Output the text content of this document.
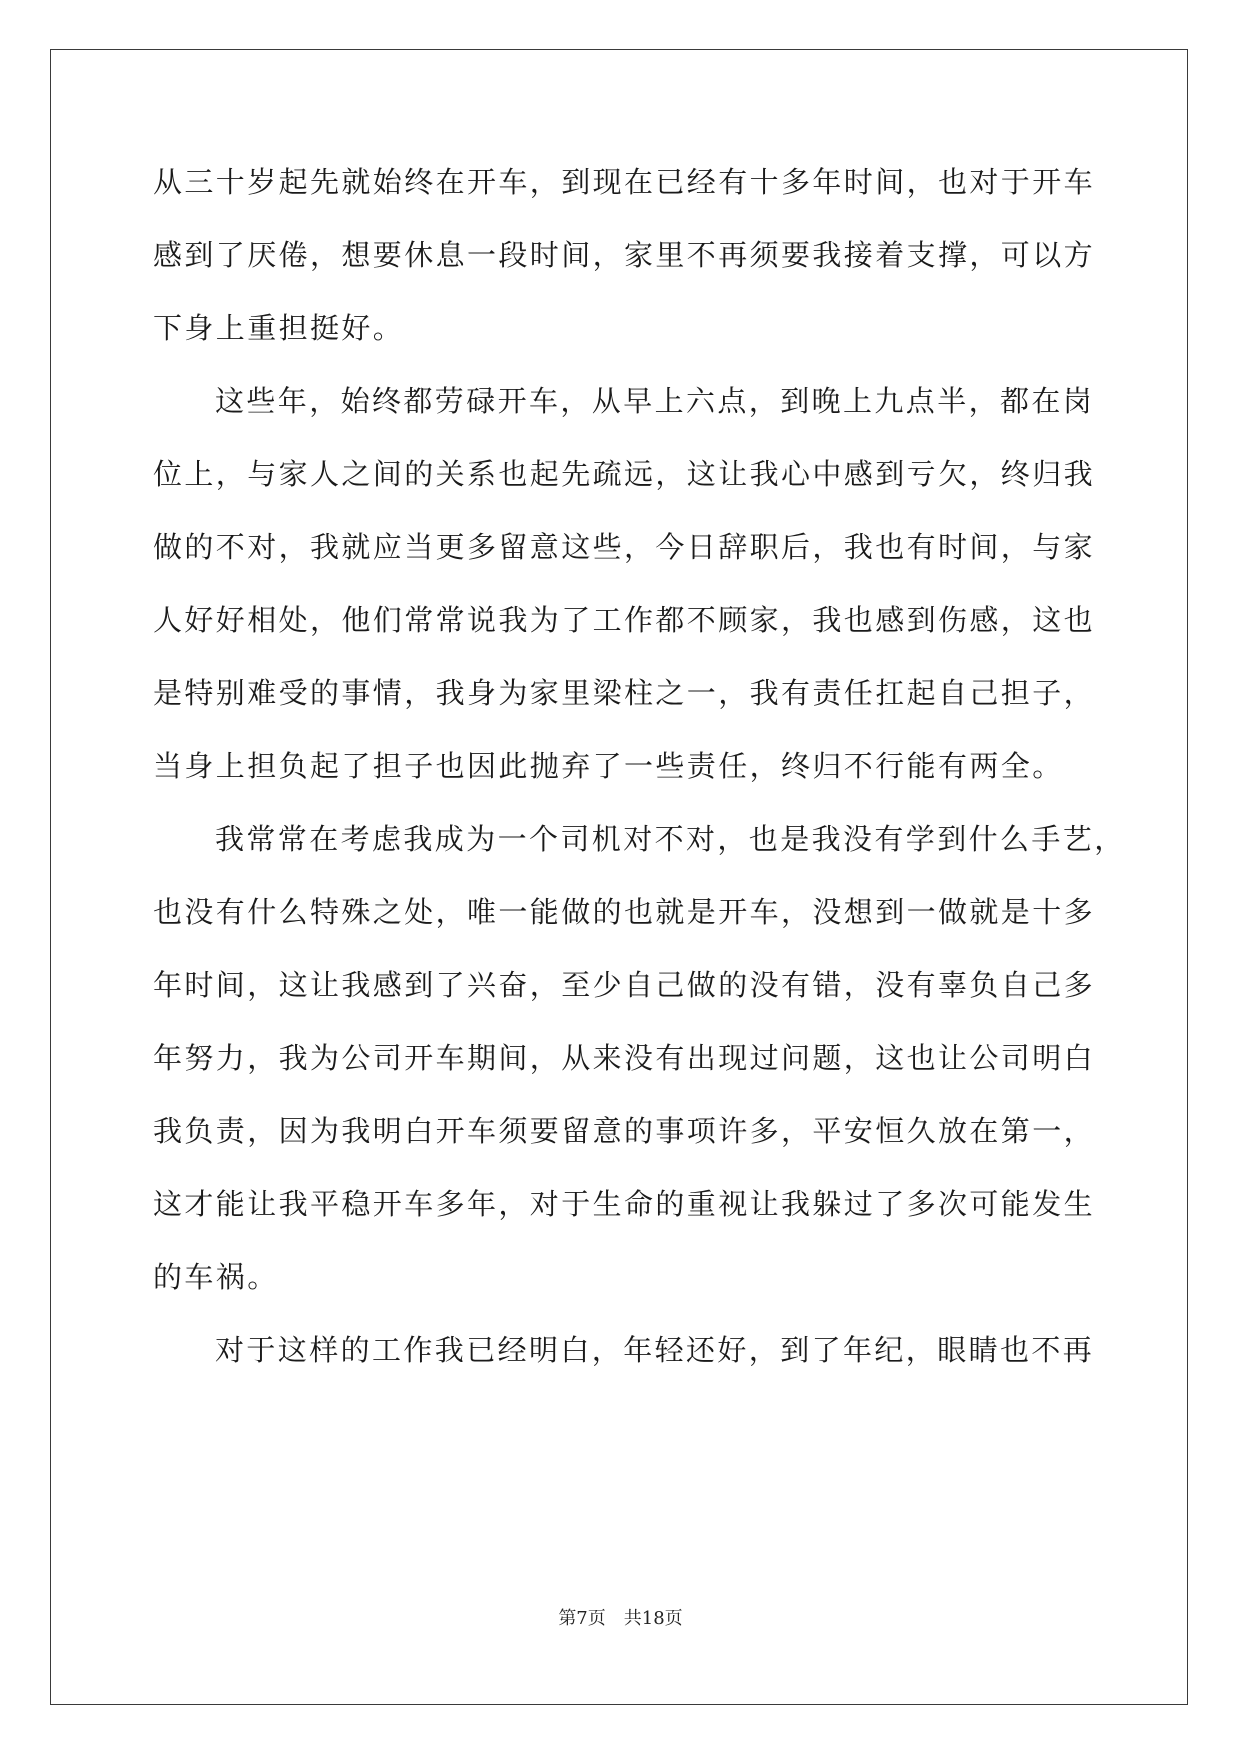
从三十岁起先就始终在开车，到现在已经有十多年时间，也对于开车
感到了厌倦，想要休息一段时间，家里不再须要我接着支撑，可以方
下身上重担挺好。
这些年，始终都劳碌开车，从早上六点，到晚上九点半，都在岗
位上，与家人之间的关系也起先疏远，这让我心中感到亏欠，终归我
做的不对，我就应当更多留意这些，今日辞职后，我也有时间，与家
人好好相处，他们常常说我为了工作都不顾家，我也感到伤感，这也
是特别难受的事情，我身为家里梁柱之一，我有责任扛起自己担子，
当身上担负起了担子也因此抛弃了一些责任，终归不行能有两全。
我常常在考虑我成为一个司机对不对，也是我没有学到什么手艺，
也没有什么特殊之处，唯一能做的也就是开车，没想到一做就是十多
年时间，这让我感到了兴奋，至少自己做的没有错，没有辜负自己多
年努力，我为公司开车期间，从来没有出现过问题，这也让公司明白
我负责，因为我明白开车须要留意的事项许多，平安恒久放在第一，
这才能让我平稳开车多年，对于生命的重视让我躲过了多次可能发生
的车祸。
对于这样的工作我已经明白，年轻还好，到了年纪，眼睛也不再
第7页 共18页
